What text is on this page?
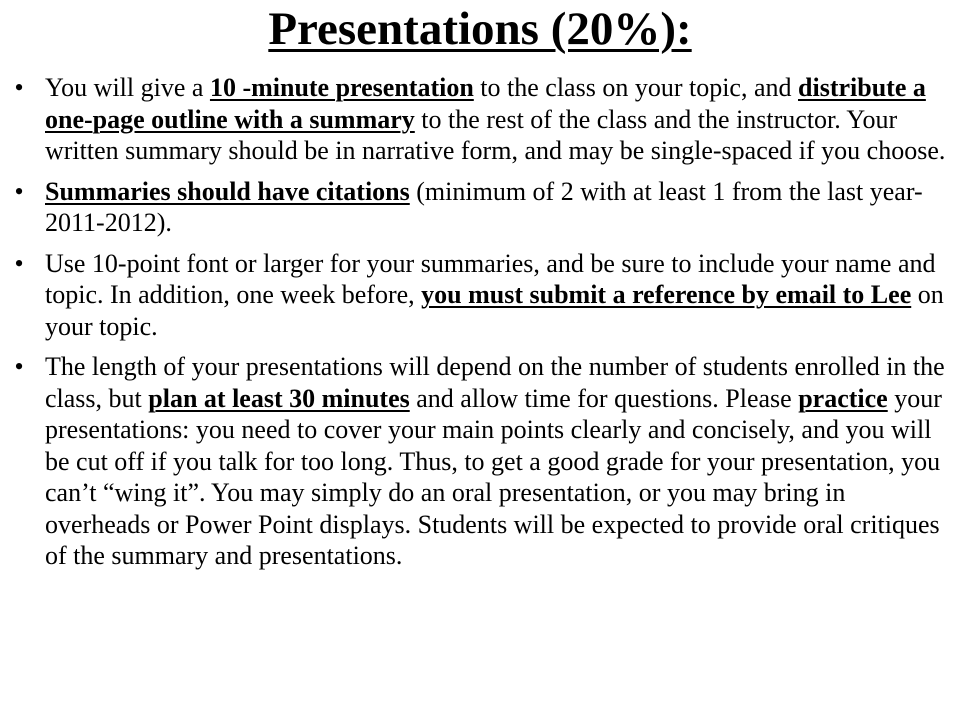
Presentations (20%):
• You will give a 10 -minute presentation to the class on your topic, and distribute a one-page outline with a summary to the rest of the class and the instructor. Your written summary should be in narrative form, and may be single-spaced if you choose.
• Summaries should have citations (minimum of 2 with at least 1 from the last year-2011-2012).
• Use 10-point font or larger for your summaries, and be sure to include your name and topic. In addition, one week before, you must submit a reference by email to Lee on your topic.
• The length of your presentations will depend on the number of students enrolled in the class, but plan at least 30 minutes and allow time for questions. Please practice your presentations: you need to cover your main points clearly and concisely, and you will be cut off if you talk for too long. Thus, to get a good grade for your presentation, you can’t “wing it”. You may simply do an oral presentation, or you may bring in overheads or Power Point displays. Students will be expected to provide oral critiques of the summary and presentations.
